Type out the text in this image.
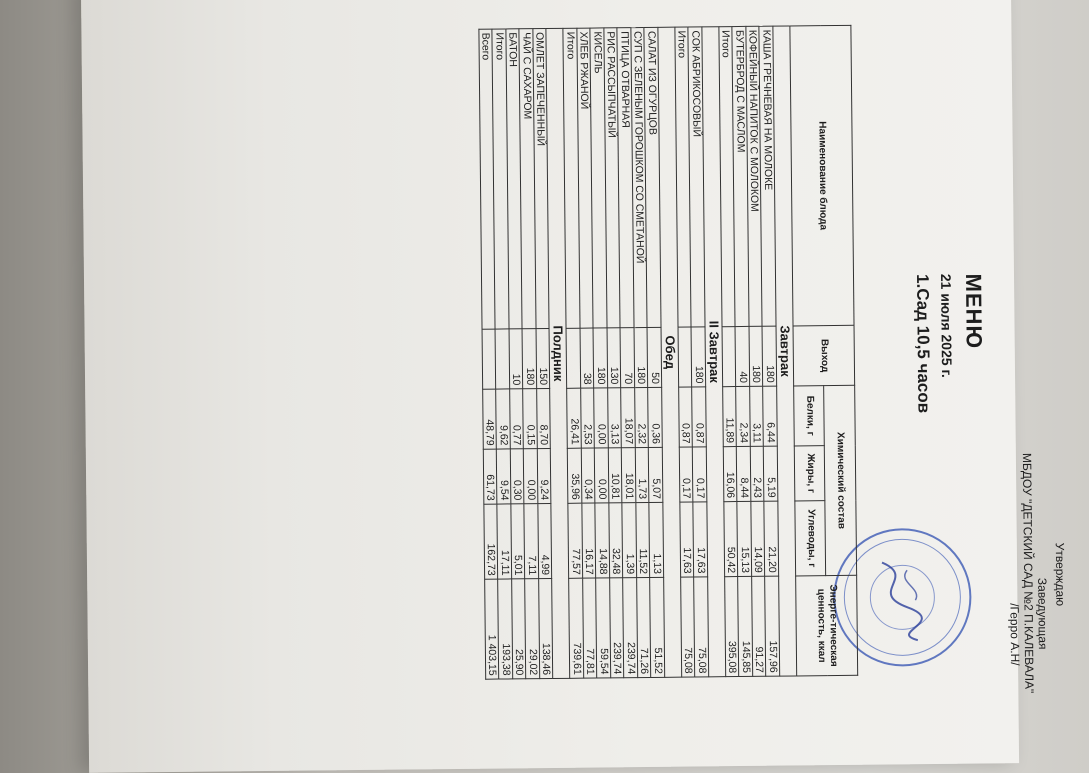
Утверждаю
Заведующая
МБДОУ "ДЕТСКИЙ САД №2 П.КАЛЕВАЛА"
/Герро А.Н/
МЕНЮ
21 июля 2025 г.
1.Сад 10,5 часов
Наименование блюда	Выход	Химический состав			Энерге-тическая ценность, ккал
		Белки, г	Жиры, г	Углеводы, г	
Завтрак					
КАША ГРЕЧНЕВАЯ НА МОЛОКЕ	180	6,44	5,19	21,20	157,96
КОФЕЙНЫЙ НАПИТОК С МОЛОКОМ	180	3,11	2,43	14,09	91,27
БУТЕРБРОД С МАСЛОМ	40	2,34	8,44	15,13	145,85
Итого		11,89	16,06	50,42	395,08
II Завтрак					
СОК АБРИКОСОВЫЙ	180	0,87	0,17	17,63	75,08
Итого		0,87	0,17	17,63	75,08
Обед					
САЛАТ ИЗ ОГУРЦОВ	50	0,36	5,07	1,13	51,52
СУП С ЗЕЛЕНЫМ ГОРОШКОМ СО СМЕТАНОЙ	180	2,32	1,73	11,52	71,26
ПТИЦА ОТВАРНАЯ	70	18,07	18,01	1,39	239,74
РИС РАССЫПЧАТЫЙ	130	3,13	10,81	32,48	239,74
КИСЕЛЬ	180	0,00	0,00	14,88	59,54
ХЛЕБ РЖАНОЙ	38	2,53	0,34	16,17	77,81
Итого		26,41	35,96	77,57	739,61
Полдник					
ОМЛЕТ ЗАПЕЧЕННЫЙ	150	8,70	9,24	4,99	138,46
ЧАЙ С САХАРОМ	180	0,15	0,00	7,11	29,02
БАТОН	10	0,77	0,30	5,01	25,90
Итого		9,62	9,54	17,11	193,38
Всего		48,79	61,73	162,73	1 403,15
